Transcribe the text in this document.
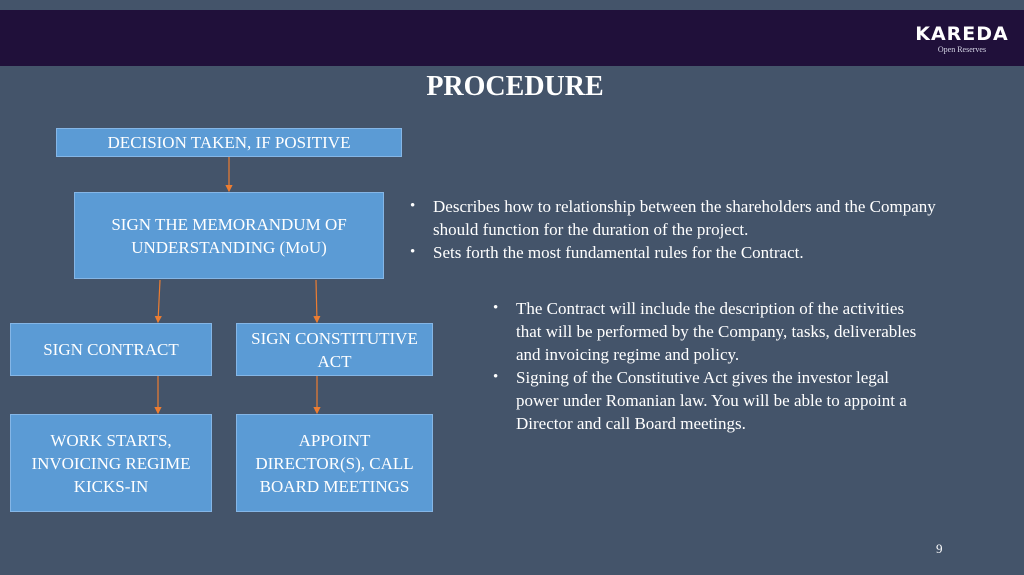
KAREDA
Open Reserves
PROCEDURE
DECISION TAKEN, IF POSITIVE
SIGN THE MEMORANDUM OF UNDERSTANDING (MoU)
SIGN CONTRACT
SIGN CONSTITUTIVE ACT
WORK STARTS, INVOICING REGIME KICKS-IN
APPOINT DIRECTOR(S), CALL BOARD MEETINGS
• Describes how to relationship between the shareholders and the Company should function for the duration of the project.
• Sets forth the most fundamental rules for the Contract.
• The Contract will include the description of the activities that will be performed by the Company, tasks, deliverables and invoicing regime and policy.
• Signing of the Constitutive Act gives the investor legal power under Romanian law. You will be able to appoint a Director and call Board meetings.
9
